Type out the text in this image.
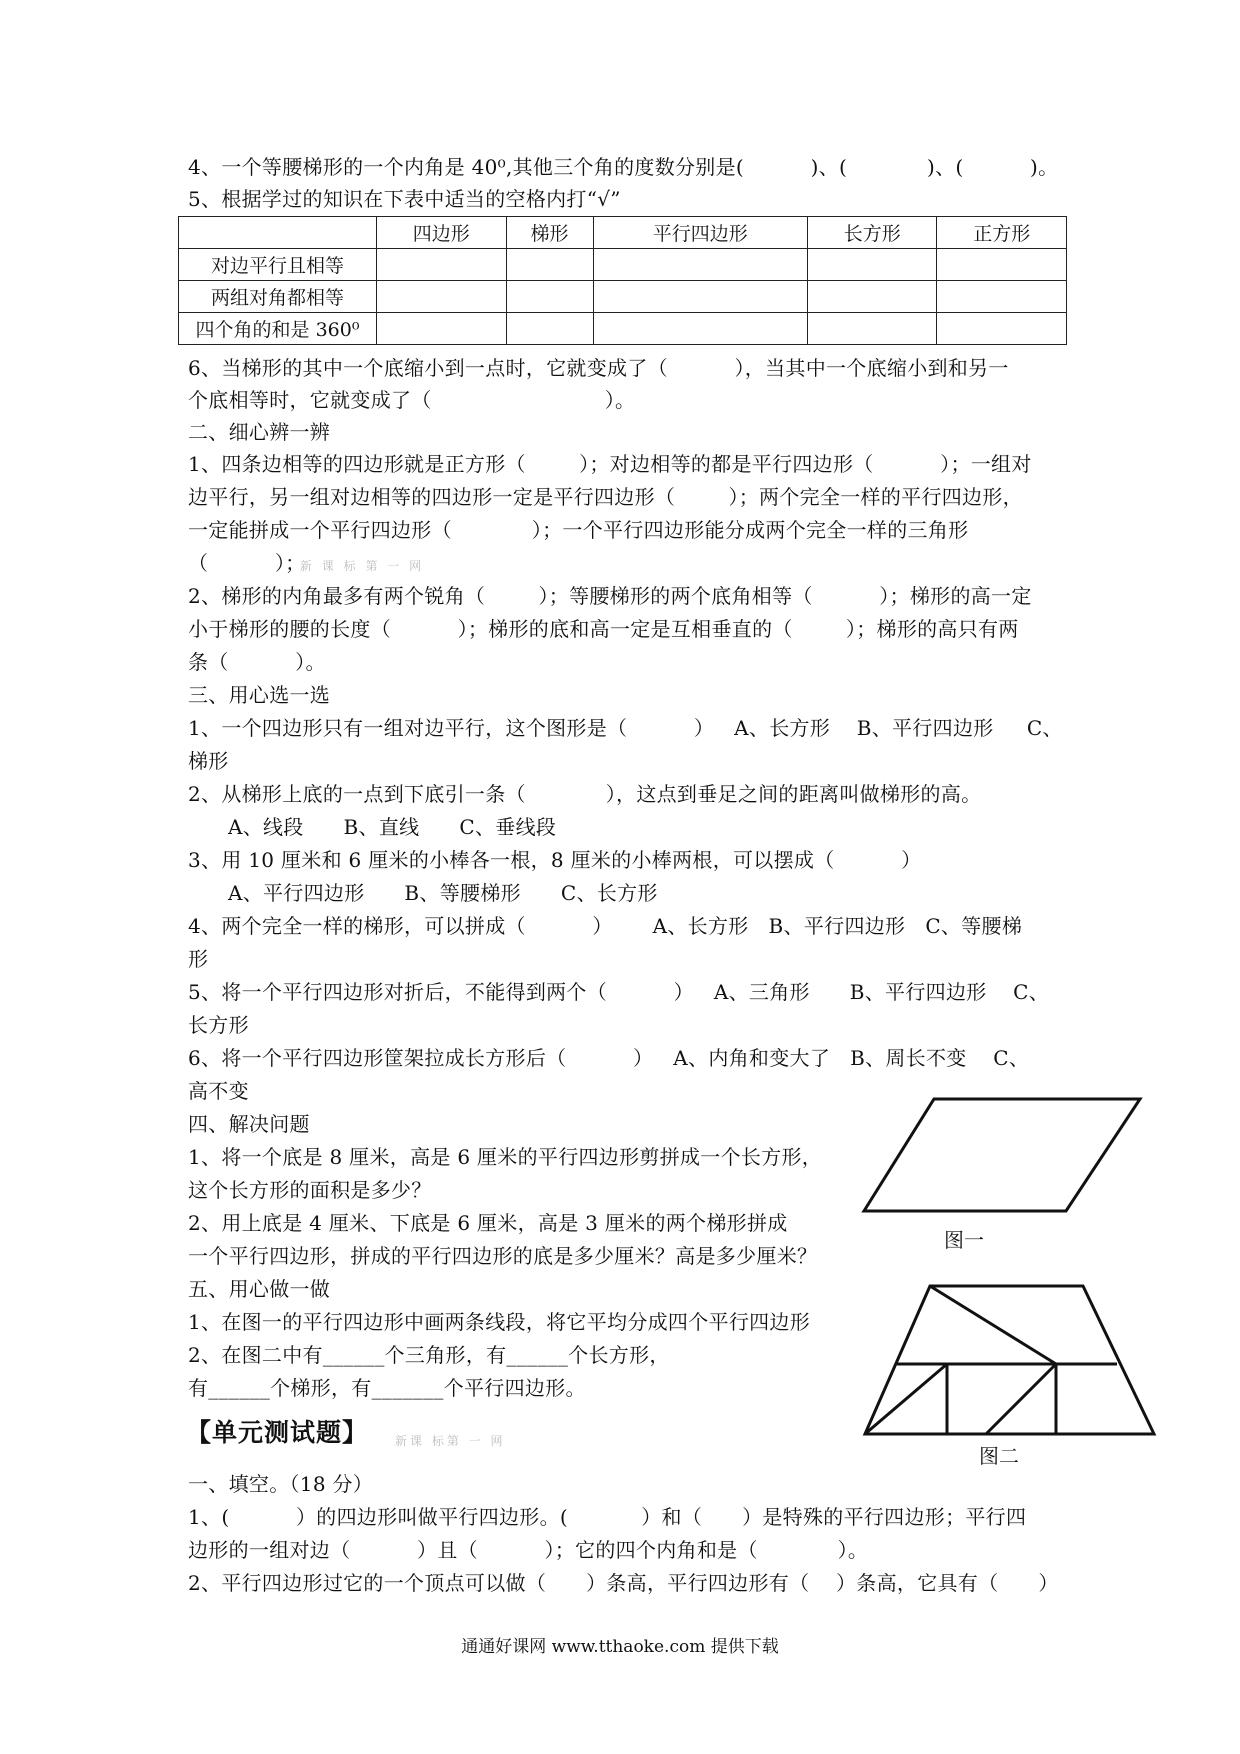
4、一个等腰梯形的一个内角是 40⁰,其他三个角的度数分别是(          )、(            )、(          )。
5、根据学过的知识在下表中适当的空格内打“√”
	四边形	梯形	平行四边形	长方形	正方形
对边平行且相等					
两组对角都相等					
四个角的和是 360⁰					
6、当梯形的其中一个底缩小到一点时，它就变成了（          ），当其中一个底缩小到和另一
个底相等时，它就变成了（                          ）。
二、细心辨一辨
1、四条边相等的四边形就是正方形（        ）；对边相等的都是平行四边形（          ）；一组对
边平行，另一组对边相等的四边形一定是平行四边形（        ）；两个完全一样的平行四边形，
一定能拼成一个平行四边形（            ）；一个平行四边形能分成两个完全一样的三角形
（          ）；
新 课 标 第 一 网
2、梯形的内角最多有两个锐角（        ）；等腰梯形的两个底角相等（          ）；梯形的高一定
小于梯形的腰的长度（          ）；梯形的底和高一定是互相垂直的（        ）；梯形的高只有两
条（          ）。
三、用心选一选
1、一个四边形只有一组对边平行，这个图形是（          ）   A、长方形    B、平行四边形     C、
梯形
2、从梯形上底的一点到下底引一条（            ），这点到垂足之间的距离叫做梯形的高。
A、线段      B、直线      C、垂线段
3、用 10 厘米和 6 厘米的小棒各一根，8 厘米的小棒两根，可以摆成（          ）
A、平行四边形      B、等腰梯形      C、长方形
4、两个完全一样的梯形，可以拼成（          ）      A、长方形   B、平行四边形   C、等腰梯
形
5、将一个平行四边形对折后，不能得到两个（          ）   A、三角形      B、平行四边形    C、
长方形
6、将一个平行四边形筐架拉成长方形后（          ）   A、内角和变大了   B、周长不变    C、
高不变
四、解决问题
1、将一个底是 8 厘米，高是 6 厘米的平行四边形剪拼成一个长方形，
这个长方形的面积是多少？
2、用上底是 4 厘米、下底是 6 厘米，高是 3 厘米的两个梯形拼成
一个平行四边形，拼成的平行四边形的底是多少厘米？高是多少厘米？
五、用心做一做
1、在图一的平行四边形中画两条线段，将它平均分成四个平行四边形
2、在图二中有______个三角形，有______个长方形，
有______个梯形，有_______个平行四边形。
【单元测试题】 新课 标第 一 网
一、填空。（18 分）
1、(          ）的四边形叫做平行四边形。(           ）和（      ）是特殊的平行四边形；平行四
边形的一组对边（          ）且（          ）；它的四个内角和是（            ）。
2、平行四边形过它的一个顶点可以做（      ）条高，平行四边形有（    ）条高，它具有（      ）
图一
图二
通通好课网 www.tthaoke.com 提供下载
